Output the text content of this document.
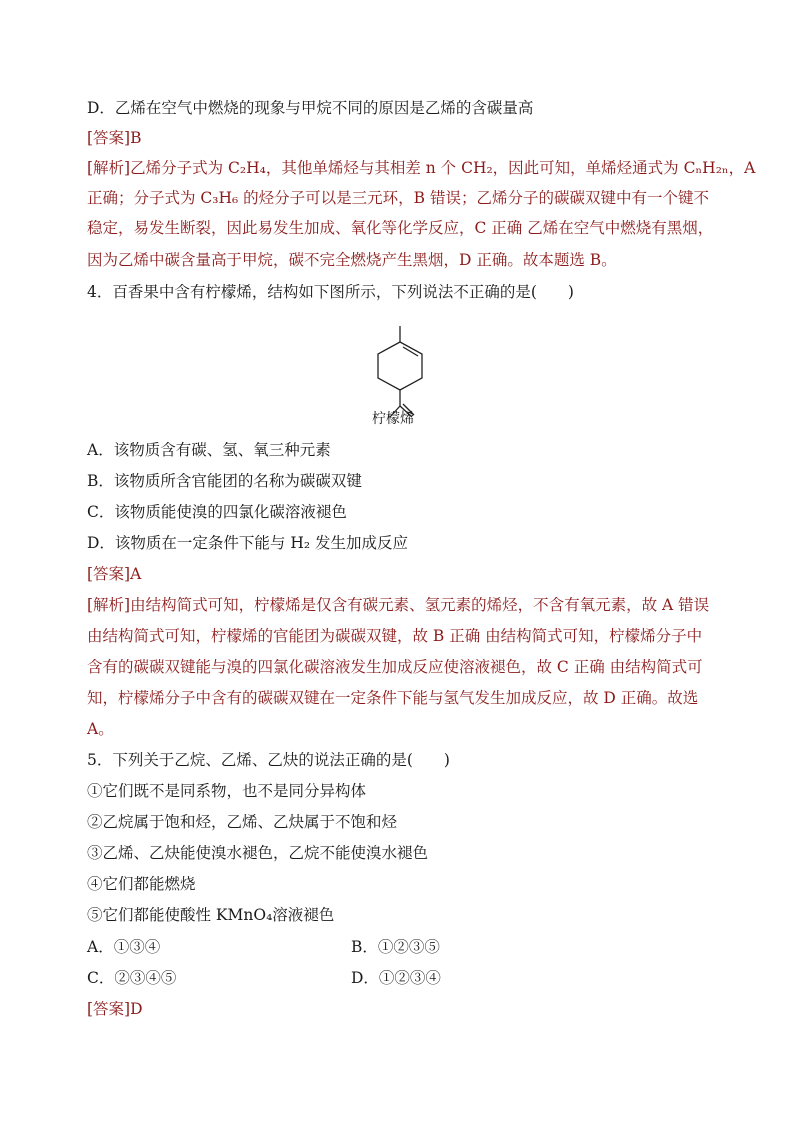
D．乙烯在空气中燃烧的现象与甲烷不同的原因是乙烯的含碳量高
[答案]B
[解析]乙烯分子式为 C₂H₄，其他单烯烃与其相差 n 个 CH₂，因此可知，单烯烃通式为 CₙH₂ₙ，A
正确；分子式为 C₃H₆ 的烃分子可以是三元环，B 错误；乙烯分子的碳碳双键中有一个键不
稳定，易发生断裂，因此易发生加成、氧化等化学反应，C 正确 乙烯在空气中燃烧有黑烟，
因为乙烯中碳含量高于甲烷，碳不完全燃烧产生黑烟，D 正确。故本题选 B。
4．百香果中含有柠檬烯，结构如下图所示，下列说法不正确的是(　　)
柠檬烯
A．该物质含有碳、氢、氧三种元素
B．该物质所含官能团的名称为碳碳双键
C．该物质能使溴的四氯化碳溶液褪色
D．该物质在一定条件下能与 H₂ 发生加成反应
[答案]A
[解析]由结构简式可知，柠檬烯是仅含有碳元素、氢元素的烯烃，不含有氧元素，故 A 错误
由结构简式可知，柠檬烯的官能团为碳碳双键，故 B 正确 由结构简式可知，柠檬烯分子中
含有的碳碳双键能与溴的四氯化碳溶液发生加成反应使溶液褪色，故 C 正确 由结构简式可
知，柠檬烯分子中含有的碳碳双键在一定条件下能与氢气发生加成反应，故 D 正确。故选
A。
5．下列关于乙烷、乙烯、乙炔的说法正确的是(　　)
①它们既不是同系物，也不是同分异构体
②乙烷属于饱和烃，乙烯、乙炔属于不饱和烃
③乙烯、乙炔能使溴水褪色，乙烷不能使溴水褪色
④它们都能燃烧
⑤它们都能使酸性 KMnO₄溶液褪色
A．①③④	B．①②③⑤
C．②③④⑤	D．①②③④
[答案]D
